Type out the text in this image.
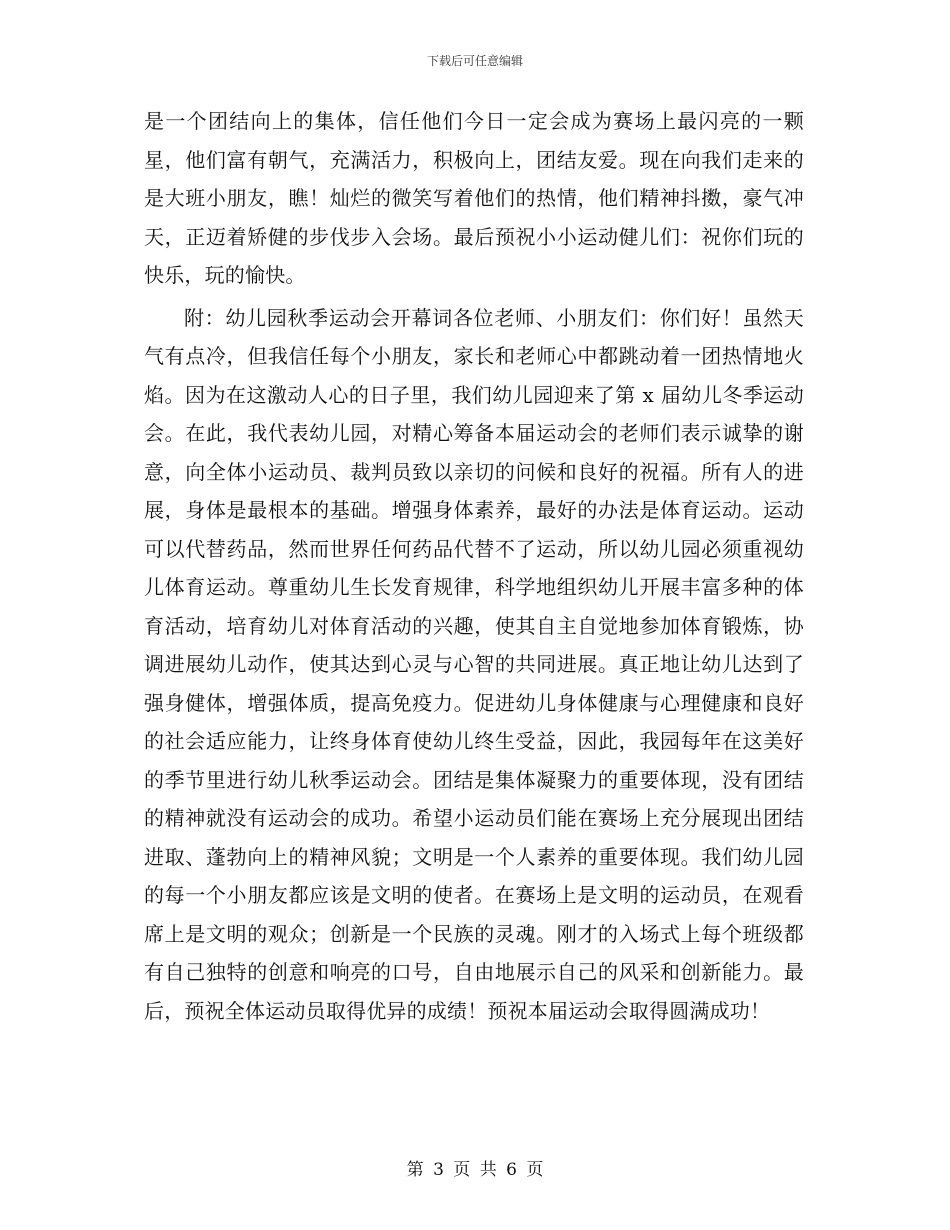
下载后可任意编辑

是一个团结向上的集体，信任他们今日一定会成为赛场上最闪亮的一颗星，他们富有朝气，充满活力，积极向上，团结友爱。现在向我们走来的是大班小朋友，瞧！灿烂的微笑写着他们的热情，他们精神抖擞，豪气冲天，正迈着矫健的步伐步入会场。最后预祝小小运动健儿们：祝你们玩的快乐，玩的愉快。

附：幼儿园秋季运动会开幕词各位老师、小朋友们：你们好！虽然天气有点冷，但我信任每个小朋友，家长和老师心中都跳动着一团热情地火焰。因为在这激动人心的日子里，我们幼儿园迎来了第 x 届幼儿冬季运动会。在此，我代表幼儿园，对精心筹备本届运动会的老师们表示诚挚的谢意，向全体小运动员、裁判员致以亲切的问候和良好的祝福。所有人的进展，身体是最根本的基础。增强身体素养，最好的办法是体育运动。运动可以代替药品，然而世界任何药品代替不了运动，所以幼儿园必须重视幼儿体育运动。尊重幼儿生长发育规律，科学地组织幼儿开展丰富多种的体育活动，培育幼儿对体育活动的兴趣，使其自主自觉地参加体育锻炼，协调进展幼儿动作，使其达到心灵与心智的共同进展。真正地让幼儿达到了强身健体，增强体质，提高免疫力。促进幼儿身体健康与心理健康和良好的社会适应能力，让终身体育使幼儿终生受益，因此，我园每年在这美好的季节里进行幼儿秋季运动会。团结是集体凝聚力的重要体现，没有团结的精神就没有运动会的成功。希望小运动员们能在赛场上充分展现出团结进取、蓬勃向上的精神风貌；文明是一个人素养的重要体现。我们幼儿园的每一个小朋友都应该是文明的使者。在赛场上是文明的运动员，在观看席上是文明的观众；创新是一个民族的灵魂。刚才的入场式上每个班级都有自己独特的创意和响亮的口号，自由地展示自己的风采和创新能力。最后，预祝全体运动员取得优异的成绩！预祝本届运动会取得圆满成功！

第 3 页 共 6 页
